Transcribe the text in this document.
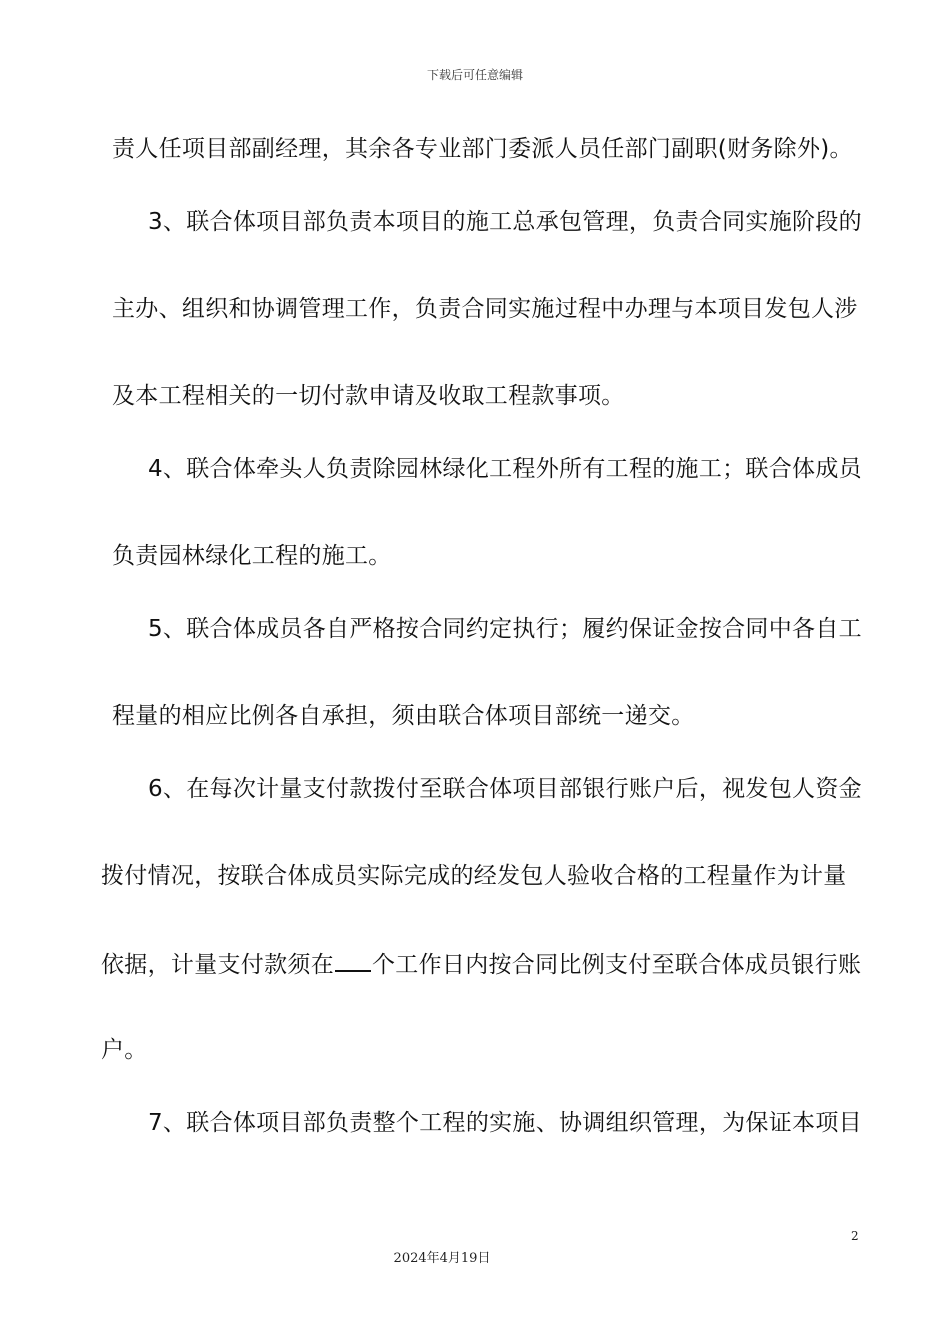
下载后可任意编辑
责人任项目部副经理，其余各专业部门委派人员任部门副职(财务除外)。
3、联合体项目部负责本项目的施工总承包管理，负责合同实施阶段的
主办、组织和协调管理工作，负责合同实施过程中办理与本项目发包人涉
及本工程相关的一切付款申请及收取工程款事项。
4、联合体牵头人负责除园林绿化工程外所有工程的施工；联合体成员
负责园林绿化工程的施工。
5、联合体成员各自严格按合同约定执行；履约保证金按合同中各自工
程量的相应比例各自承担，须由联合体项目部统一递交。
6、在每次计量支付款拨付至联合体项目部银行账户后，视发包人资金
拨付情况，按联合体成员实际完成的经发包人验收合格的工程量作为计量
依据，计量支付款须在 个工作日内按合同比例支付至联合体成员银行账
户。
7、联合体项目部负责整个工程的实施、协调组织管理，为保证本项目
2
2024年4月19日
